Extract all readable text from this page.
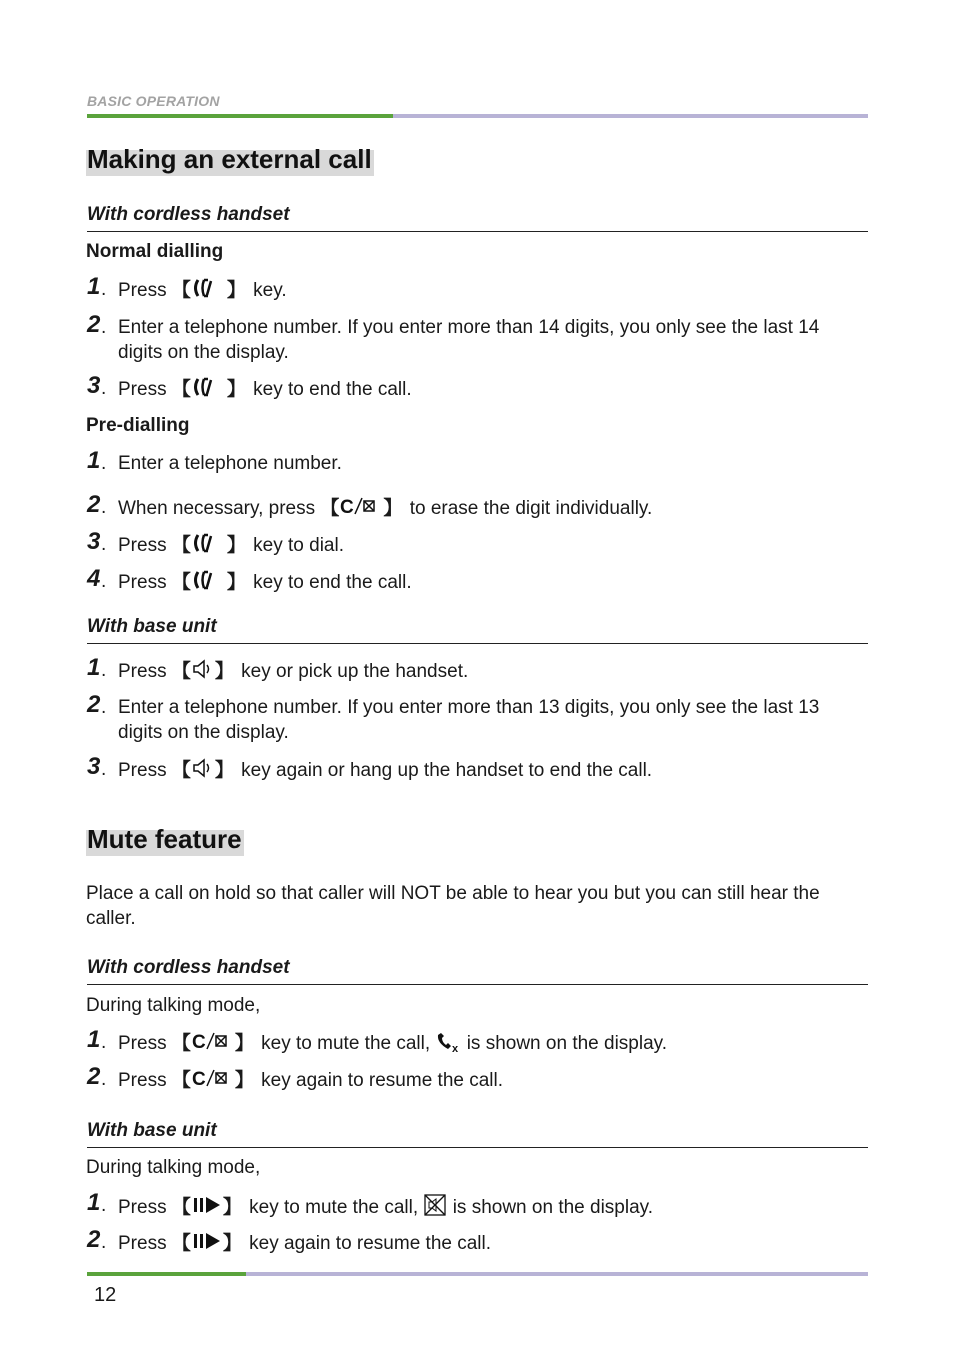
BASIC OPERATION
Making an external call
With cordless handset
Normal dialling
1 . Press 【 】 key.
2 . Enter a telephone number. If you enter more than 14 digits, you only see the last 14 digits on the display.
3 . Press 【 】 key to end the call.
Pre-dialling
1 . Enter a telephone number.
2 . When necessary, press 【 C 】 to erase the digit individually.
3 . Press 【 】 key to dial.
4 . Press 【 】 key to end the call.
With base unit
1 . Press 【 】 key or pick up the handset.
2 . Enter a telephone number. If you enter more than 13 digits, you only see the last 13 digits on the display.
3 . Press 【 】 key again or hang up the handset to end the call.
Mute feature
Place a call on hold so that caller will NOT be able to hear you but you can still hear the caller.
With cordless handset
During talking mode,
1 . Press 【 C 】 key to mute the call, x is shown on the display.
2 . Press 【 C 】 key again to resume the call.
With base unit
During talking mode,
1 . Press 【 】 key to mute the call, is shown on the display.
2 . Press 【 】 key again to resume the call.
12
